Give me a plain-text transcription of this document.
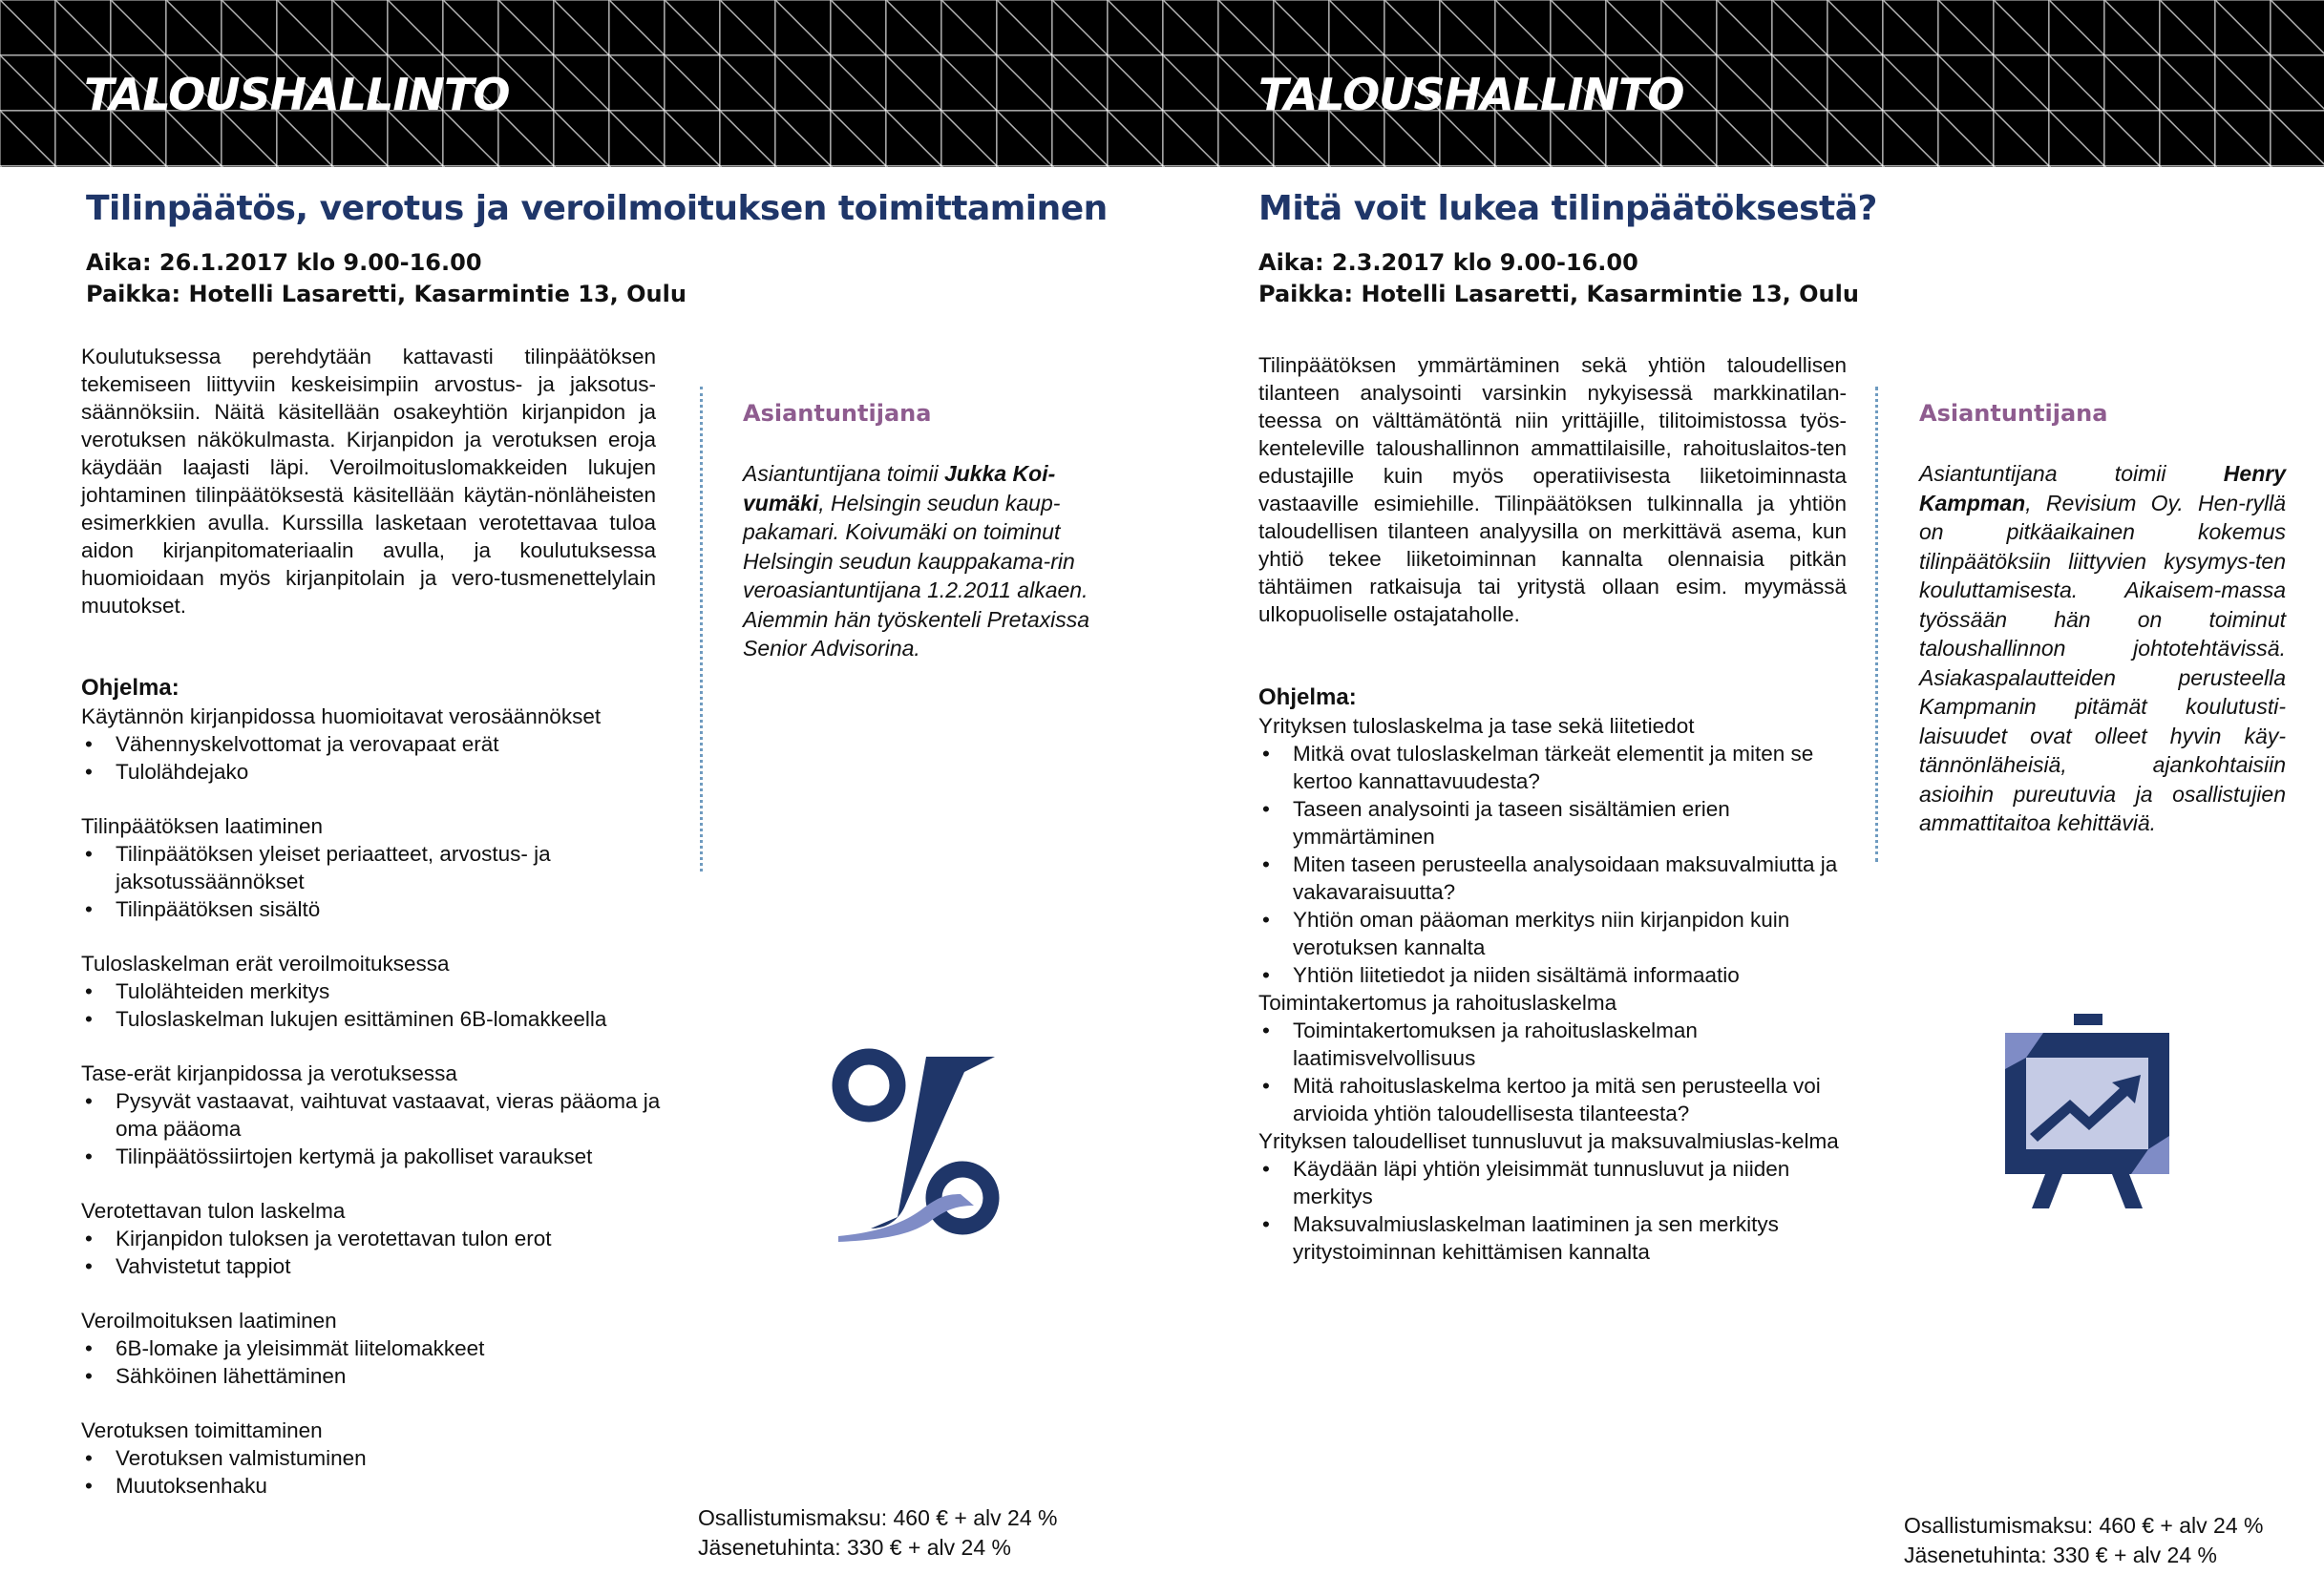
TALOUSHALLINTO	TALOUSHALLINTO
Tilinpäätös, verotus ja veroilmoituksen toimittaminen

Aika: 26.1.2017 klo 9.00-16.00

Paikka: Hotelli Lasaretti, Kasarmintie 13, Oulu

Koulutuksessa perehdytään kattavasti tilinpäätöksen tekemiseen liittyviin keskeisimpiin arvostus- ja jaksotus-säännöksiin. Näitä käsitellään osakeyhtiön kirjanpidon ja verotuksen näkökulmasta. Kirjanpidon ja verotuksen eroja käydään laajasti läpi. Veroilmoituslomakkeiden lukujen johtaminen tilinpäätöksestä käsitellään käytän-nönläheisten esimerkkien avulla. Kurssilla lasketaan verotettavaa tuloa aidon kirjanpitomateriaalin avulla, ja koulutuksessa huomioidaan myös kirjanpitolain ja vero-tusmenettelylain muutokset.

Ohjelma:
Käytännön kirjanpidossa huomioitavat verosäännökset
• Vähennyskelvottomat ja verovapaat erät
• Tulolähdejako
Tilinpäätöksen laatiminen
• Tilinpäätöksen yleiset periaatteet, arvostus- ja jaksotussäännökset
• Tilinpäätöksen sisältö
Tuloslaskelman erät veroilmoituksessa
• Tulolähteiden merkitys
• Tuloslaskelman lukujen esittäminen 6B-lomakkeella
Tase-erät kirjanpidossa ja verotuksessa
• Pysyvät vastaavat, vaihtuvat vastaavat, vieras pääoma ja oma pääoma
• Tilinpäätössiirtojen kertymä ja pakolliset varaukset
Verotettavan tulon laskelma
• Kirjanpidon tuloksen ja verotettavan tulon erot
• Vahvistetut tappiot
Veroilmoituksen laatiminen
• 6B-lomake ja yleisimmät liitelomakkeet
• Sähköinen lähettäminen
Verotuksen toimittaminen
• Verotuksen valmistuminen
• Muutoksenhaku
Asiantuntijana

Asiantuntijana toimii Jukka Koi-vumäki, Helsingin seudun kaup-pakamari. Koivumäki on toiminut Helsingin seudun kauppakama-rin veroasiantuntijana 1.2.2011 alkaen. Aiemmin hän työskenteli Pretaxissa Senior Advisorina.

Osallistumismaksu: 460 € + alv 24 %

Jäsenetuhinta: 330 € + alv 24 %

Mitä voit lukea tilinpäätöksestä?

Aika: 2.3.2017 klo 9.00-16.00

Paikka: Hotelli Lasaretti, Kasarmintie 13, Oulu

Tilinpäätöksen ymmärtäminen sekä yhtiön taloudellisen tilanteen analysointi varsinkin nykyisessä markkinatilan-teessa on välttämätöntä niin yrittäjille, tilitoimistossa työs-kenteleville taloushallinnon ammattilaisille, rahoituslaitos-ten edustajille kuin myös operatiivisesta liiketoiminnasta vastaaville esimiehille. Tilinpäätöksen tulkinnalla ja yhtiön taloudellisen tilanteen analyysilla on merkittävä asema, kun yhtiö tekee liiketoiminnan kannalta olennaisia pitkän tähtäimen ratkaisuja tai yritystä ollaan esim. myymässä ulkopuoliselle ostajataholle.

Ohjelma:
Yrityksen tuloslaskelma ja tase sekä liitetiedot
• Mitkä ovat tuloslaskelman tärkeät elementit ja miten se kertoo kannattavuudesta?
• Taseen analysointi ja taseen sisältämien erien ymmärtäminen
• Miten taseen perusteella analysoidaan maksuvalmiutta ja vakavaraisuutta?
• Yhtiön oman pääoman merkitys niin kirjanpidon kuin verotuksen kannalta
• Yhtiön liitetiedot ja niiden sisältämä informaatio
Toimintakertomus ja rahoituslaskelma
• Toimintakertomuksen ja rahoituslaskelman laatimisvelvollisuus
• Mitä rahoituslaskelma kertoo ja mitä sen perusteella voi arvioida yhtiön taloudellisesta tilanteesta?
Yrityksen taloudelliset tunnusluvut ja maksuvalmiuslas-kelma
• Käydään läpi yhtiön yleisimmät tunnusluvut ja niiden merkitys
• Maksuvalmiuslaskelman laatiminen ja sen merkitys yritystoiminnan kehittämisen kannalta
Asiantuntijana

Asiantuntijana toimii Henry Kampman, Revisium Oy. Hen-ryllä on pitkäaikainen kokemus tilinpäätöksiin liittyvien kysymys-ten kouluttamisesta. Aikaisem-massa työssään hän on toiminut taloushallinnon johtotehtävissä. Asiakaspalautteiden perusteella Kampmanin pitämät koulutusti-laisuudet ovat olleet hyvin käy-tännönläheisiä, ajankohtaisiin asioihin pureutuvia ja osallistujien ammattitaitoa kehittäviä.

Osallistumismaksu: 460 € + alv 24 %

Jäsenetuhinta: 330 € + alv 24 %
